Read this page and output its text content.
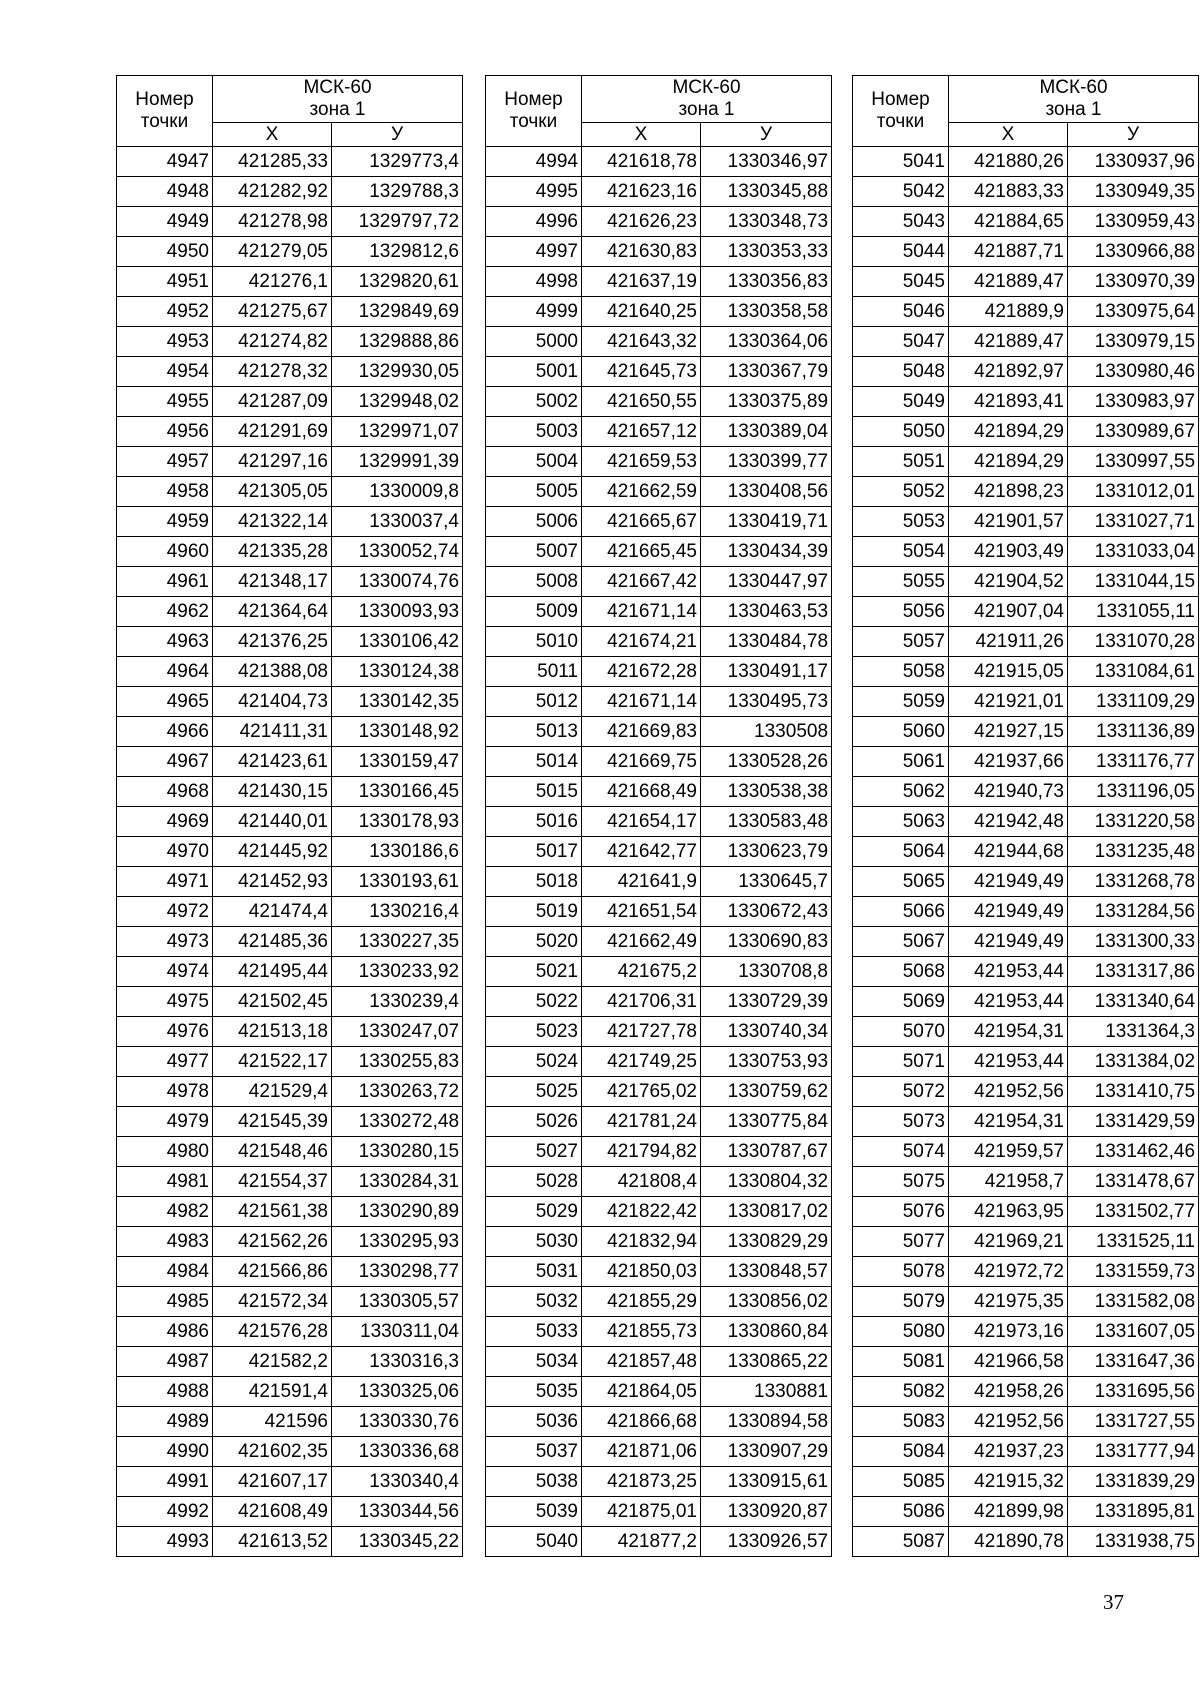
Номер
точки	МСК-60
зона 1	

	Х	У
4947	421285,33	1329773,4
4948	421282,92	1329788,3
4949	421278,98	1329797,72
4950	421279,05	1329812,6
4951	421276,1	1329820,61
4952	421275,67	1329849,69
4953	421274,82	1329888,86
4954	421278,32	1329930,05
4955	421287,09	1329948,02
4956	421291,69	1329971,07
4957	421297,16	1329991,39
4958	421305,05	1330009,8
4959	421322,14	1330037,4
4960	421335,28	1330052,74
4961	421348,17	1330074,76
4962	421364,64	1330093,93
4963	421376,25	1330106,42
4964	421388,08	1330124,38
4965	421404,73	1330142,35
4966	421411,31	1330148,92
4967	421423,61	1330159,47
4968	421430,15	1330166,45
4969	421440,01	1330178,93
4970	421445,92	1330186,6
4971	421452,93	1330193,61
4972	421474,4	1330216,4
4973	421485,36	1330227,35
4974	421495,44	1330233,92
4975	421502,45	1330239,4
4976	421513,18	1330247,07
4977	421522,17	1330255,83
4978	421529,4	1330263,72
4979	421545,39	1330272,48
4980	421548,46	1330280,15
4981	421554,37	1330284,31
4982	421561,38	1330290,89
4983	421562,26	1330295,93
4984	421566,86	1330298,77
4985	421572,34	1330305,57
4986	421576,28	1330311,04
4987	421582,2	1330316,3
4988	421591,4	1330325,06
4989	421596	1330330,76
4990	421602,35	1330336,68
4991	421607,17	1330340,4
4992	421608,49	1330344,56
4993	421613,52	1330345,22
Номер
точки	МСК-60
зона 1	

	Х	У
4994	421618,78	1330346,97
4995	421623,16	1330345,88
4996	421626,23	1330348,73
4997	421630,83	1330353,33
4998	421637,19	1330356,83
4999	421640,25	1330358,58
5000	421643,32	1330364,06
5001	421645,73	1330367,79
5002	421650,55	1330375,89
5003	421657,12	1330389,04
5004	421659,53	1330399,77
5005	421662,59	1330408,56
5006	421665,67	1330419,71
5007	421665,45	1330434,39
5008	421667,42	1330447,97
5009	421671,14	1330463,53
5010	421674,21	1330484,78
5011	421672,28	1330491,17
5012	421671,14	1330495,73
5013	421669,83	1330508
5014	421669,75	1330528,26
5015	421668,49	1330538,38
5016	421654,17	1330583,48
5017	421642,77	1330623,79
5018	421641,9	1330645,7
5019	421651,54	1330672,43
5020	421662,49	1330690,83
5021	421675,2	1330708,8
5022	421706,31	1330729,39
5023	421727,78	1330740,34
5024	421749,25	1330753,93
5025	421765,02	1330759,62
5026	421781,24	1330775,84
5027	421794,82	1330787,67
5028	421808,4	1330804,32
5029	421822,42	1330817,02
5030	421832,94	1330829,29
5031	421850,03	1330848,57
5032	421855,29	1330856,02
5033	421855,73	1330860,84
5034	421857,48	1330865,22
5035	421864,05	1330881
5036	421866,68	1330894,58
5037	421871,06	1330907,29
5038	421873,25	1330915,61
5039	421875,01	1330920,87
5040	421877,2	1330926,57
Номер
точки	МСК-60
зона 1	

	Х	У
5041	421880,26	1330937,96
5042	421883,33	1330949,35
5043	421884,65	1330959,43
5044	421887,71	1330966,88
5045	421889,47	1330970,39
5046	421889,9	1330975,64
5047	421889,47	1330979,15
5048	421892,97	1330980,46
5049	421893,41	1330983,97
5050	421894,29	1330989,67
5051	421894,29	1330997,55
5052	421898,23	1331012,01
5053	421901,57	1331027,71
5054	421903,49	1331033,04
5055	421904,52	1331044,15
5056	421907,04	1331055,11
5057	421911,26	1331070,28
5058	421915,05	1331084,61
5059	421921,01	1331109,29
5060	421927,15	1331136,89
5061	421937,66	1331176,77
5062	421940,73	1331196,05
5063	421942,48	1331220,58
5064	421944,68	1331235,48
5065	421949,49	1331268,78
5066	421949,49	1331284,56
5067	421949,49	1331300,33
5068	421953,44	1331317,86
5069	421953,44	1331340,64
5070	421954,31	1331364,3
5071	421953,44	1331384,02
5072	421952,56	1331410,75
5073	421954,31	1331429,59
5074	421959,57	1331462,46
5075	421958,7	1331478,67
5076	421963,95	1331502,77
5077	421969,21	1331525,11
5078	421972,72	1331559,73
5079	421975,35	1331582,08
5080	421973,16	1331607,05
5081	421966,58	1331647,36
5082	421958,26	1331695,56
5083	421952,56	1331727,55
5084	421937,23	1331777,94
5085	421915,32	1331839,29
5086	421899,98	1331895,81
5087	421890,78	1331938,75
37
